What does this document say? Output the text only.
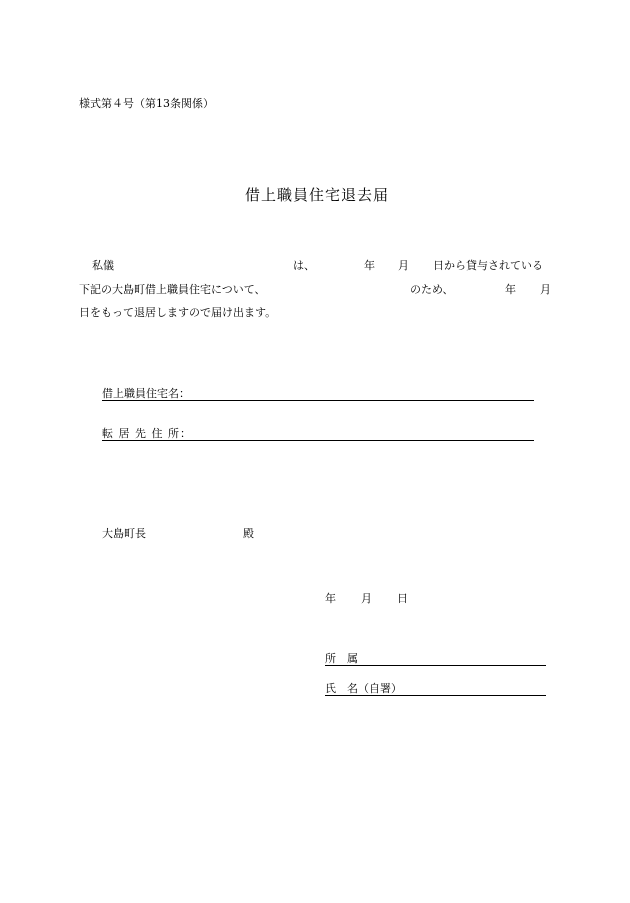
様式第４号（第13条関係）
借上職員住宅退去届
私儀	は、	年 月 日から貸与されている
下記の大島町借上職員住宅について、	のため、	年 月
日をもって退居しますので届け出ます。
借上職員住宅名：
転 居 先 住 所：
大島町長	殿
年 月 日
所　属
氏　名（自署）
